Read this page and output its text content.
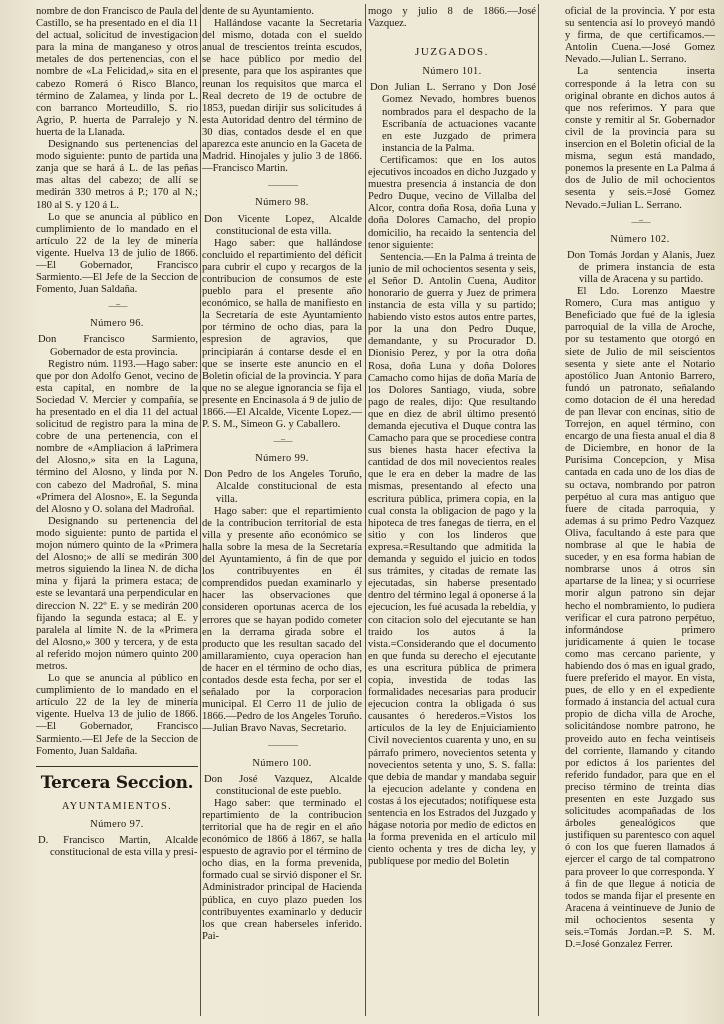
nombre de don Francisco de Paula del Castillo, se ha presentado en el dia 11 del actual, solicitud de investigacion para la mina de manganeso y otros metales de dos pertenencias, con el nombre de «La Felicidad,» sita en el cabezo Romerá ó Risco Blanco, término de Zalamea, y linda por L. con barranco Morteudillo, S. rio Agrio, P. huerta de Parralejo y N. huerta de la Llanada.

Designando sus pertenencias del modo siguiente: punto de partida una zanja que se hará á L. de las peñas mas altas del cabezo; de allí se medirán 330 metros á P.; 170 al N.; 180 al S. y 120 á L.

Lo que se anuncia al público en cumplimiento de lo mandado en el artículo 22 de la ley de minería vigente. Huelva 13 de julio de 1866.—El Gobernador, Francisco Sarmiento.—El Jefe de la Seccion de Fomento, Juan Saldaña.

—=—
Número 96.

Don Francisco Sarmiento, Gobernador de esta provincia.

Registro núm. 1193.—Hago saber: que por don Adolfo Genot, vecino de esta capital, en nombre de la Sociedad V. Mercier y compañía, se ha presentado en el dia 11 del actual solicitud de registro para la mina de cobre de una pertenencia, con el nombre de «Ampliacion á laPrimera del Alosno,» sita en la Laguna, término del Alosno, y linda por N. con cabezo del Madroñal, S. mina «Primera del Alosno», E. la Segunda del Alosno y O. solana del Madroñal.

Designando su pertenencia del modo siguiente: punto de partida el mojon número quinto de la «Primera del Alosno;» de allí se medirán 300 metros siguiendo la linea N. de dicha mina y fijará la primera estaca; de este se levantará una perpendicular en direccion N. 22º E. y se medirán 200 fijando la segunda estaca; al E. y paralela al límite N. de la «Primera del Alosno,» 300 y tercera, y de esta al referido mojon número quinto 200 metros.

Lo que se anuncia al público en cumplimiento de lo mandado en el artículo 22 de la ley de minería vigente. Huelva 13 de julio de 1866.—El Gobernador, Francisco Sarmiento.—El Jefe de la Seccion de Fomento, Juan Saldaña.

Tercera Seccion.
AYUNTAMIENTOS.
Número 97.

D. Francisco Martin, Alcalde constitucional de esta villa y presi-

dente de su Ayuntamiento.

Hallándose vacante la Secretaria del mismo, dotada con el sueldo anual de trescientos treinta escudos, se hace público por medio del presente, para que los aspirantes que reunan los requisitos que marca el Real decreto de 19 de octubre de 1853, puedan dirijir sus solicitudes á esta Autoridad dentro del término de 30 dias, contados desde el en que aparezca este anuncio en la Gaceta de Madrid. Hinojales y julio 3 de 1866.—Francisco Martin.

————
Número 98.

Don Vicente Lopez, Alcalde constitucional de esta villa.

Hago saber: que hallándose concluido el repartimiento del déficit para cubrir el cupo y recargos de la contribucion de consumos de este pueblo para el presente año económico, se halla de manifiesto en la Secretaría de este Ayuntamiento por término de ocho dias, para la espresion de agravios, que principiarán á contarse desde el en que se inserte este anuncio en el Boletin oficial de la provincia. Y para que no se alegue ignorancia se fija el presente en Encinasola á 9 de julio de 1866.—El Alcalde, Vicente Lopez.—P. S. M., Simeon G. y Caballero.

—=—
Número 99.

Don Pedro de los Angeles Toruño, Alcalde constitucional de esta villa.

Hago saber: que el repartimiento de la contribucion territorial de esta villa y presente año económico se halla sobre la mesa de la Secretaría del Ayuntamiento, á fin de que por los contribuyentes en él comprendidos puedan examinarlo y hacer las observaciones que consideren oportunas acerca de los errores que se hayan podido cometer en la derrama girada sobre el producto que les resultan sacado del amillaramiento, cuya operacion han de hacer en el término de ocho dias, contados desde esta fecha, por ser el señalado por la corporacion municipal. El Cerro 11 de julio de 1866.—Pedro de los Angeles Toruño.—Julian Bravo Navas, Secretario.

————
Número 100.

Don José Vazquez, Alcalde constitucional de este pueblo.

Hago saber: que terminado el repartimiento de la contribucion territorial que ha de regir en el año económico de 1866 á 1867, se halla espuesto de agravio por el término de ocho dias, en la forma prevenida, formado cual se sirvió disponer el Sr. Administrador principal de Hacienda pública, en cuyo plazo pueden los contribuyentes examinarlo y deducir los que crean haberseles inferido. Pai-

mogo y julio 8 de 1866.—José Vazquez.

JUZGADOS.
Número 101.

Don Julian L. Serrano y Don José Gomez Nevado, hombres buenos nombrados para el despacho de la Escribanía de actuaciones vacante en este Juzgado de primera instancia de la Palma.

Certificamos: que en los autos ejecutivos incoados en dicho Juzgado y muestra presencia á instancia de don Pedro Duque, vecino de Villalba del Alcor, contra doña Rosa, doña Luna y doña Dolores Camacho, del propio domicilio, ha recaido la sentencia del tenor siguiente:

Sentencia.—En la Palma á treinta de junio de mil ochocientos sesenta y seis, el Señor D. Antolin Cuena, Auditor honorario de guerra y Juez de primera instancia de esta villa y su partido; habiendo visto estos autos entre partes, por la una don Pedro Duque, demandante, y su Procurador D. Dionisio Perez, y por la otra doña Rosa, doña Luna y doña Dolores Camacho como hijas de doña María de los Dolores Santiago, viuda, sobre pago de reales, dijo: Que resultando que en diez de abril último presentó demanda ejecutiva el Duque contra las Camacho para que se procediese contra sus bienes hasta hacer efectiva la cantidad de dos mil novecientos reales que le era en deber la madre de las mismas, presentando al efecto una escritura pública, primera copia, en la cual consta la obligacion de pago y la hipoteca de tres fanegas de tierra, en el sitio y con los linderos que expresa.=Resultando que admitida la demanda y seguido el juicio en todos sus trámites, y citadas de remate las ejecutadas, sin haberse presentado dentro del término legal á oponerse á la ejecucion, les fué acusada la rebeldía, y con citacion solo del ejecutante se han traido los autos á la vista.=Considerando que el documento en que funda su derecho el ejecutante es una escritura pública de primera copia, investida de todas las formalidades necesarias para producir ejecucion contra la obligada ó sus causantes ó herederos.=Vistos los artículos de la ley de Enjuiciamiento Civil novecientos cuarenta y uno, en su párrafo primero, novecientos setenta y novecientos setenta y uno, S. S. falla: que debia de mandar y mandaba seguir la ejecucion adelante y condena en costas á los ejecutados; notifíquese esta sentencia en los Estrados del Juzgado y hágase notoria por medio de edictos en la forma prevenida en el artículo mil ciento ochenta y tres de dicha ley, y publíquese por medio del Boletin

oficial de la provincia. Y por esta su sentencia así lo proveyó mandó y firma, de que certificamos.—Antolin Cuena.—José Gomez Nevado.—Julian L. Serrano.

La sentencia inserta corresponde á la letra con su original obrante en dichos autos á que nos referimos. Y para que conste y remitir al Sr. Gobernador civil de la provincia para su insercion en el Boletin oficial de la misma, segun está mandado, ponemos la presente en La Palma á dos de Julio de mil ochocientos sesenta y seis.=José Gomez Nevado.=Julian L. Serrano.

—=—
Número 102.

Don Tomás Jordan y Alanis, Juez de primera instancia de esta villa de Aracena y su partido.

El Ldo. Lorenzo Maestre Romero, Cura mas antiguo y Beneficiado que fué de la iglesia parroquial de la villa de Aroche, por su testamento que otorgó en siete de Julio de mil seiscientos sesenta y siete ante el Notario apostólico Juan Antonio Barrero, fundó un patronato, señalando como dotacion de él una heredad de pan llevar con encinas, sitio de Torrejon, en aquel término, con encargo de una fiesta anual el dia 8 de Diciembre, en honor de la Purísima Concepcion, y Misa cantada en cada uno de los dias de su octava, nombrando por patron perpétuo al cura mas antiguo que fuere de citada parroquia, y ademas á su primo Pedro Vazquez Oliva, facultando á este para que nombrase al que le habia de suceder, y en esa forma habian de nombrarse unos á otros sin apartarse de la linea; y si ocurriese morir algun patrono sin dejar hecho el nombramiento, lo pudiera verificar el cura patrono perpétuo, informándose primero juridicamente á quien le tocase como mas cercano pariente, y habiendo dos ó mas en igual grado, fuere preferido el mayor. En vista, pues, de ello y en el expediente formado á instancia del actual cura propio de dicha villa de Aroche, solicitándose nombre patrono, he proveido auto en fecha veintiseis del corriente, llamando y citando por edictos á los parientes del referido fundador, para que en el preciso término de treinta dias presenten en este Juzgado sus solicitudes acompañadas de los árboles genealógicos que justifiquen su parentesco con aquel ó con los que fueren llamados á ejercer el cargo de tal compatrono para proveer lo que corresponda. Y á fin de que llegue á noticia de todos se manda fijar el presente en Aracena á veintinueve de Junio de mil ochocientos sesenta y seis.=Tomás Jordan.=P. S. M. D.=José Gonzalez Ferrer.
